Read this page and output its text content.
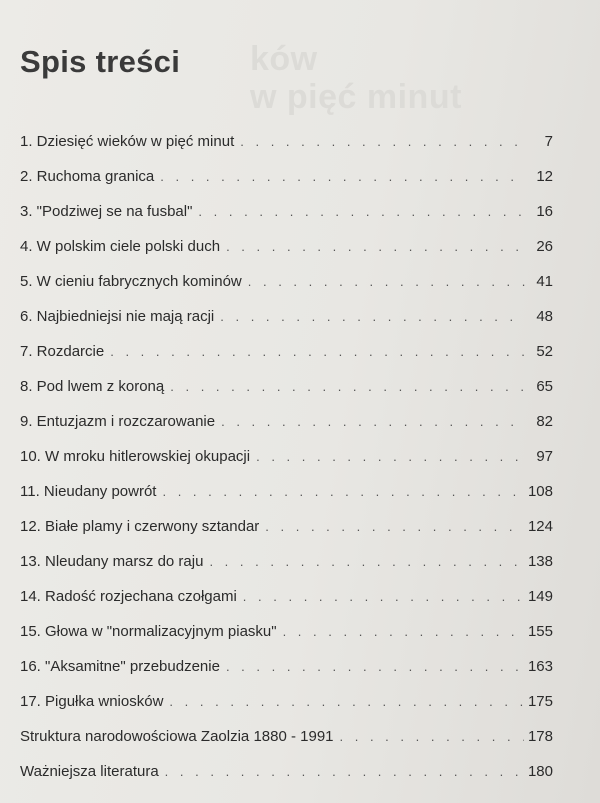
ków
w pięć minut
Spis treści
1. Dziesięć wieków w pięć minut . . .	7
2. Ruchoma granica . . .	12
3. "Podziwej se na fusbal" . . .	16
4. W polskim ciele polski duch . . .	26
5. W cieniu fabrycznych kominów . . .	41
6. Najbiedniejsi nie mają racji . . .	48
7. Rozdarcie . . .	52
8. Pod lwem z koroną . . .	65
9. Entuzjazm i rozczarowanie . . .	82
10. W mroku hitlerowskiej okupacji . . .	97
11. Nieudany powrót . . .	108
12. Białe plamy i czerwony sztandar . . .	124
13. Nleudany marsz do raju . . .	138
14. Radość rozjechana czołgami . . .	149
15. Głowa w "normalizacyjnym piasku" . . .	155
16. "Aksamitne" przebudzenie . . .	163
17. Pigułka wniosków . . .	175
Struktura narodowościowa Zaolzia 1880 - 1991 . . .	178
Ważniejsza literatura . . .	180
